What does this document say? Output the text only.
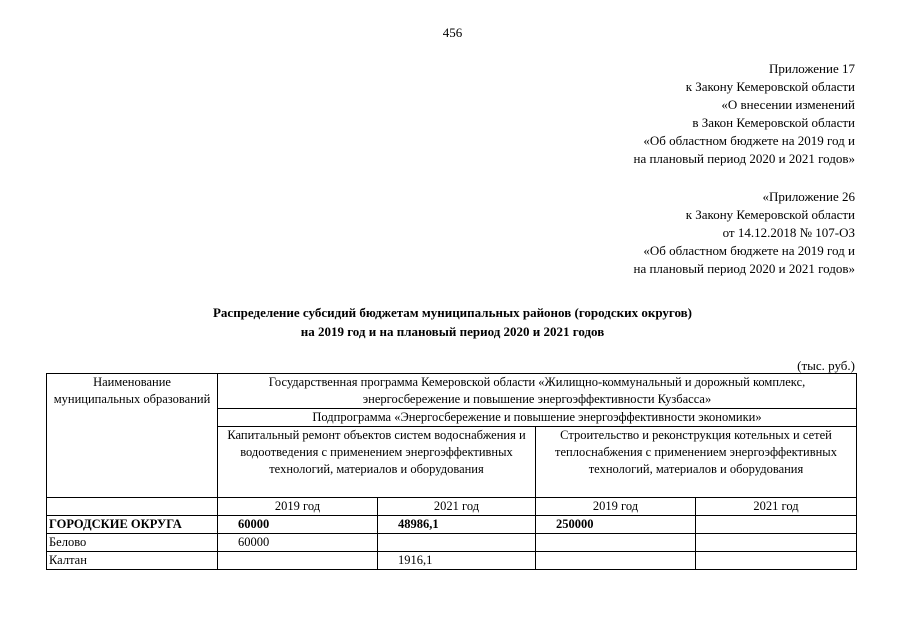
456
Приложение 17
к Закону Кемеровской области
«О внесении изменений
в Закон Кемеровской области
«Об областном бюджете на 2019 год и
на плановый период 2020 и 2021 годов»
«Приложение 26
к Закону Кемеровской области
от 14.12.2018 № 107-ОЗ
«Об областном бюджете на 2019 год и
на плановый период 2020 и 2021 годов»
Распределение субсидий бюджетам муниципальных районов (городских округов)
на 2019 год и на плановый период 2020 и 2021 годов
(тыс. руб.)
Наименование муниципальных образований	Государственная программа Кемеровской области «Жилищно-коммунальный и дорожный комплекс, энергосбережение и повышение энергоэффективности Кузбасса»			
	Подпрограмма «Энергосбережение и повышение энергоэффективности экономики»			
	Капитальный ремонт объектов систем водоснабжения и водоотведения с применением энергоэффективных технологий, материалов и оборудования		Строительство и реконструкция котельных и сетей теплоснабжения с применением энергоэффективных технологий, материалов и оборудования	
	2019 год	2021 год	2019 год	2021 год
ГОРОДСКИЕ ОКРУГА	60000	48986,1	250000	
Белово	60000			
Калтан		1916,1		
